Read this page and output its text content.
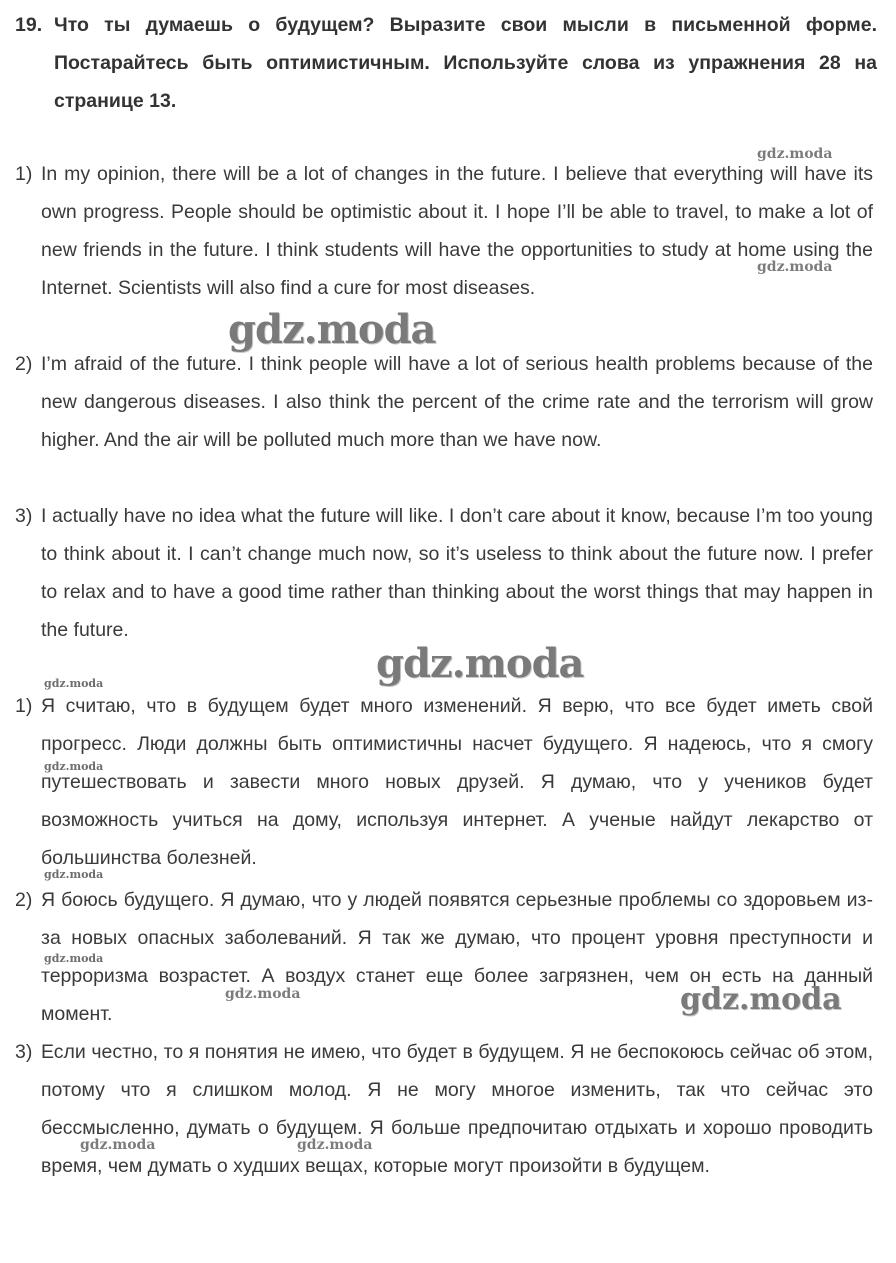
19. Что ты думаешь о будущем? Выразите свои мысли в письменной форме. Постарайтесь быть оптимистичным. Используйте слова из упражнения 28 на странице 13.
1) In my opinion, there will be a lot of changes in the future. I believe that everything will have its own progress. People should be optimistic about it. I hope I’ll be able to travel, to make a lot of new friends in the future. I think students will have the opportunities to study at home using the Internet. Scientists will also find a cure for most diseases.
2) I’m afraid of the future. I think people will have a lot of serious health problems because of the new dangerous diseases. I also think the percent of the crime rate and the terrorism will grow higher. And the air will be polluted much more than we have now.
3) I actually have no idea what the future will like. I don’t care about it know, because I’m too young to think about it. I can’t change much now, so it’s useless to think about the future now. I prefer to relax and to have a good time rather than thinking about the worst things that may happen in the future.
1) Я считаю, что в будущем будет много изменений. Я верю, что все будет иметь свой прогресс. Люди должны быть оптимистичны насчет будущего. Я надеюсь, что я смогу путешествовать и завести много новых друзей. Я думаю, что у учеников будет возможность учиться на дому, используя интернет. А ученые найдут лекарство от большинства болезней.
2) Я боюсь будущего. Я думаю, что у людей появятся серьезные проблемы со здоровьем из-за новых опасных заболеваний. Я так же думаю, что процент уровня преступности и терроризма возрастет. А воздух станет еще более загрязнен, чем он есть на данный момент.
3) Если честно, то я понятия не имею, что будет в будущем. Я не беспокоюсь сейчас об этом, потому что я слишком молод. Я не могу многое изменить, так что сейчас это бессмысленно, думать о будущем. Я больше предпочитаю отдыхать и хорошо проводить время, чем думать о худших вещах, которые могут произойти в будущем.
gdz.moda
gdz.moda
gdz.moda
gdz.moda
gdz.moda
gdz.moda
gdz.moda
gdz.moda
gdz.moda	gdz.moda
gdz.moda	gdz.moda
